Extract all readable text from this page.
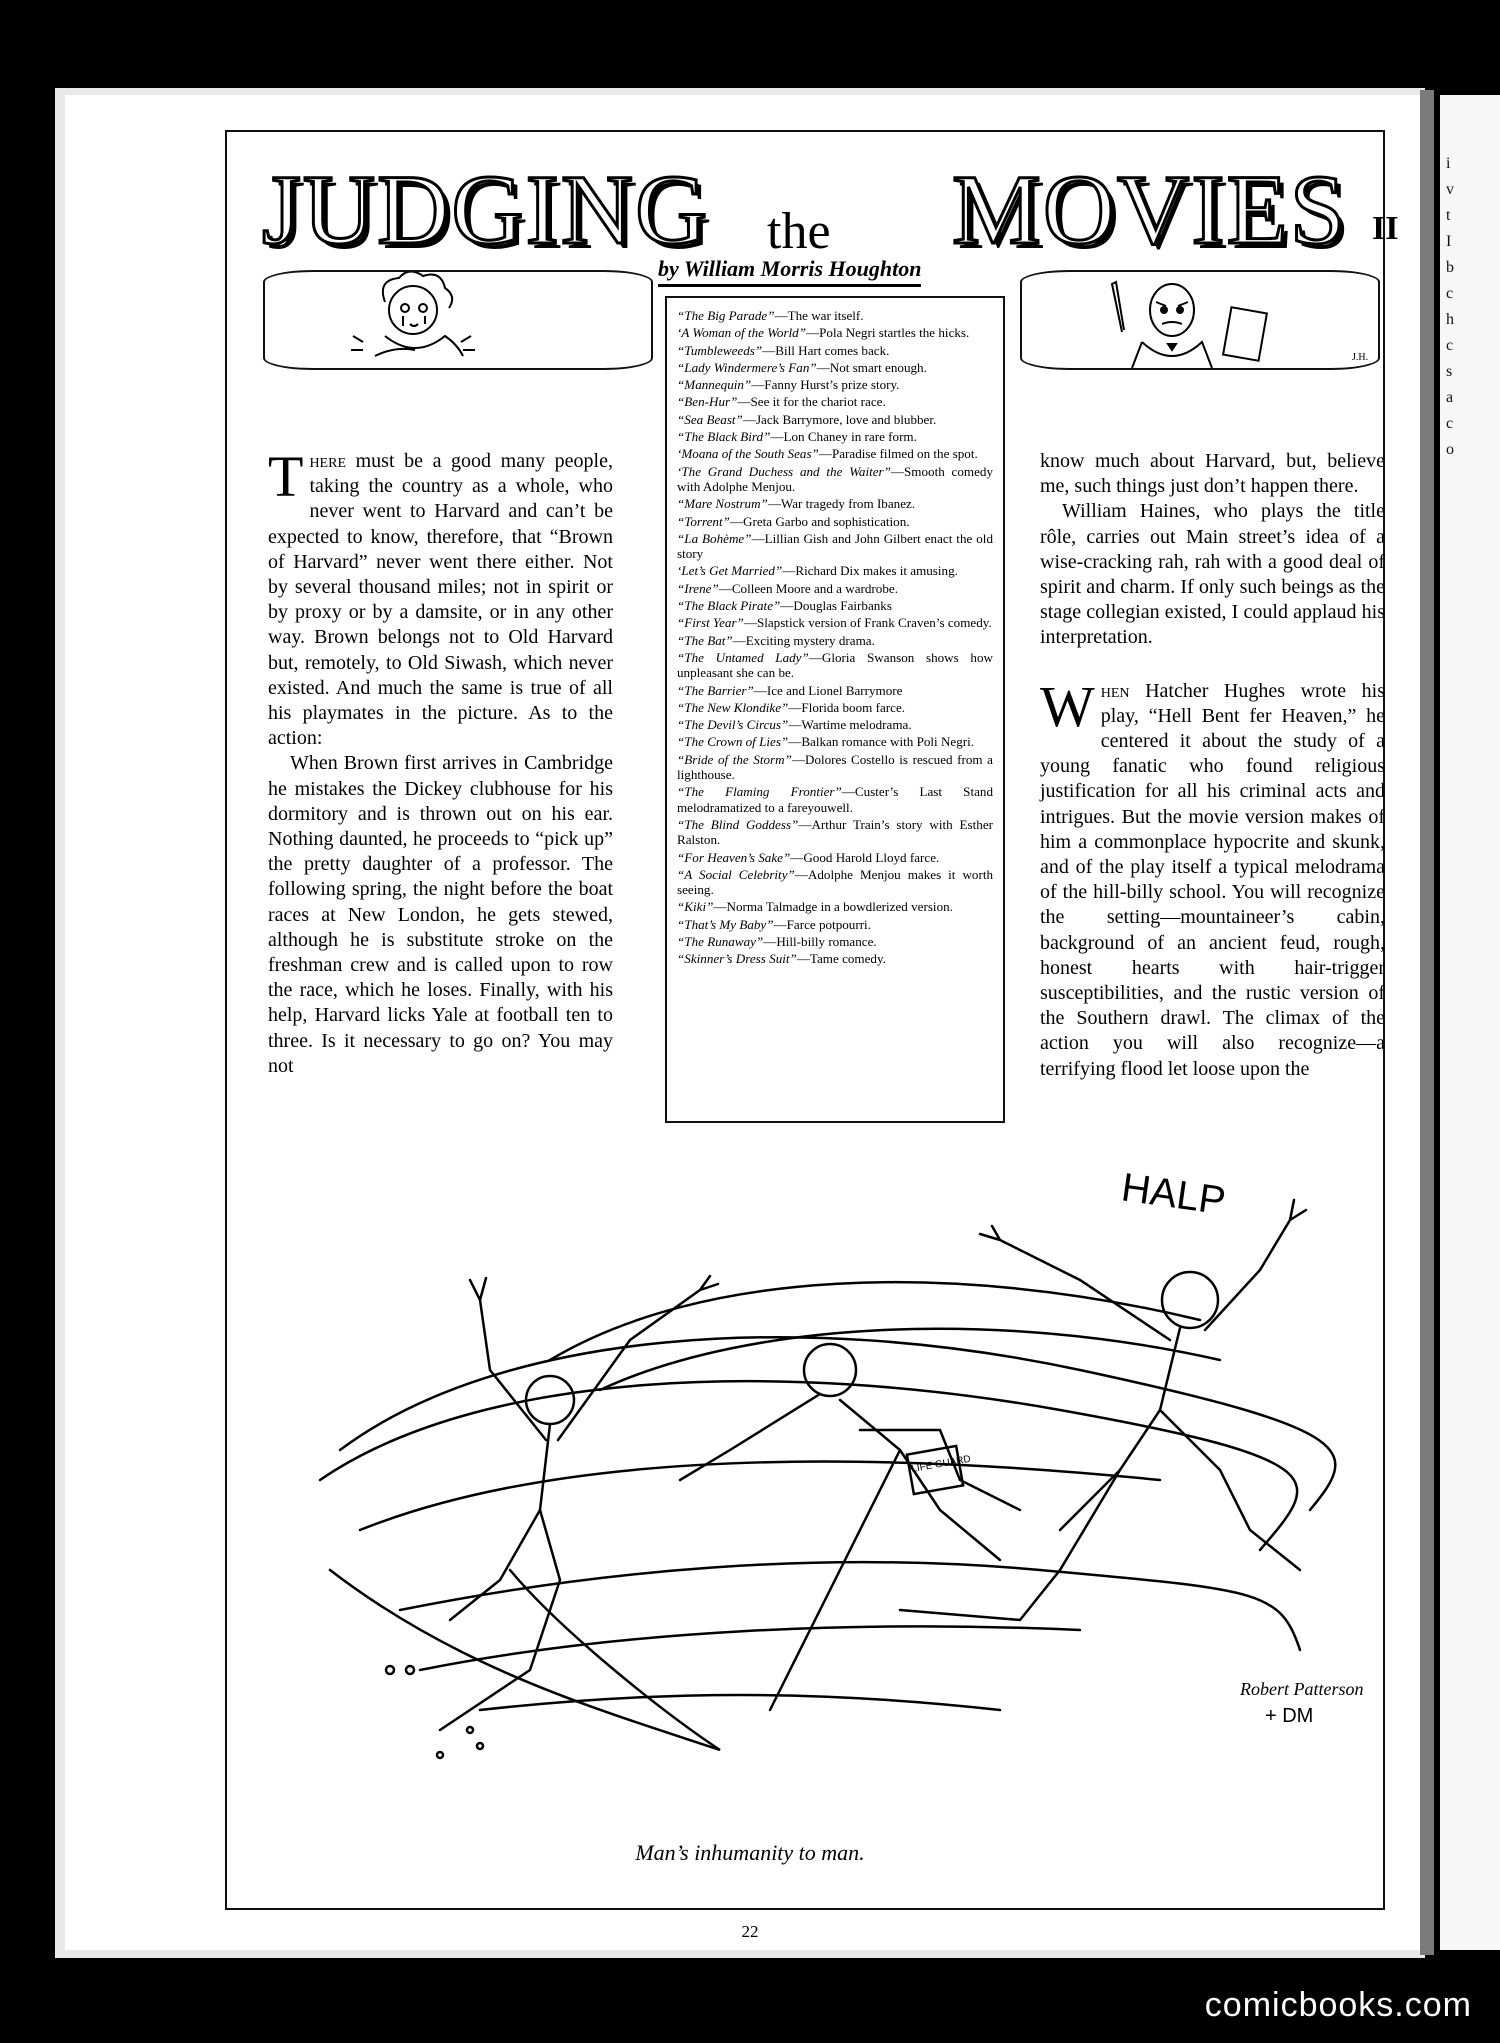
i
v
t
I
b
c
h
c
s
a
c
o
JUDGING the MOVIES II
by William Morris Houghton
J.H.
“The Big Parade”—The war itself.
‘A Woman of the World”—Pola Negri startles the hicks.
“Tumbleweeds”—Bill Hart comes back.
“Lady Windermere’s Fan”—Not smart enough.
“Mannequin”—Fanny Hurst’s prize story.
“Ben-Hur”—See it for the chariot race.
“Sea Beast”—Jack Barrymore, love and blubber.
“The Black Bird”—Lon Chaney in rare form.
‘Moana of the South Seas”—Paradise filmed on the spot.
‘The Grand Duchess and the Waiter”—Smooth comedy with Adolphe Menjou.
“Mare Nostrum”—War tragedy from Ibanez.
“Torrent”—Greta Garbo and sophistication.
“La Bohème”—Lillian Gish and John Gilbert enact the old story
‘Let’s Get Married”—Richard Dix makes it amusing.
“Irene”—Colleen Moore and a wardrobe.
“The Black Pirate”—Douglas Fairbanks
“First Year”—Slapstick version of Frank Craven’s comedy.
“The Bat”—Exciting mystery drama.
“The Untamed Lady”—Gloria Swanson shows how unpleasant she can be.
“The Barrier”—Ice and Lionel Barrymore
“The New Klondike”—Florida boom farce.
“The Devil’s Circus”—Wartime melodrama.
“The Crown of Lies”—Balkan romance with Poli Negri.
“Bride of the Storm”—Dolores Costello is rescued from a lighthouse.
“The Flaming Frontier”—Custer’s Last Stand melodramatized to a fareyouwell.
“The Blind Goddess”—Arthur Train’s story with Esther Ralston.
“For Heaven’s Sake”—Good Harold Lloyd farce.
“A Social Celebrity”—Adolphe Menjou makes it worth seeing.
“Kiki”—Norma Talmadge in a bowdlerized version.
“That’s My Baby”—Farce potpourri.
“The Runaway”—Hill-billy romance.
“Skinner’s Dress Suit”—Tame comedy.

There must be a good many people, taking the country as a whole, who never went to Harvard and can’t be expected to know, therefore, that “Brown of Harvard” never went there either. Not by several thousand miles; not in spirit or by proxy or by a damsite, or in any other way. Brown belongs not to Old Harvard but, remotely, to Old Siwash, which never existed. And much the same is true of all his playmates in the picture. As to the action:

When Brown first arrives in Cambridge he mistakes the Dickey clubhouse for his dormitory and is thrown out on his ear. Nothing daunted, he proceeds to “pick up” the pretty daughter of a professor. The following spring, the night before the boat races at New London, he gets stewed, although he is substitute stroke on the freshman crew and is called upon to row the race, which he loses. Finally, with his help, Harvard licks Yale at football ten to three. Is it necessary to go on? You may not

know much about Harvard, but, believe me, such things just don’t happen there.

William Haines, who plays the title rôle, carries out Main street’s idea of a wise-cracking rah, rah with a good deal of spirit and charm. If only such beings as the stage collegian existed, I could applaud his interpretation.

When Hatcher Hughes wrote his play, “Hell Bent fer Heaven,” he centered it about the study of a young fanatic who found religious justification for all his criminal acts and intrigues. But the movie version makes of him a commonplace hypocrite and skunk, and of the play itself a typical melodrama of the hill-billy school. You will recognize the setting—mountaineer’s cabin, background of an ancient feud, rough, honest hearts with hair-trigger susceptibilities, and the rustic version of the Southern drawl. The climax of the action you will also recognize—a terrifying flood let loose upon the

HALP
LIFE GUARD
Robert Patterson
+ DM
Man’s inhumanity to man.
22
comicbooks.com
